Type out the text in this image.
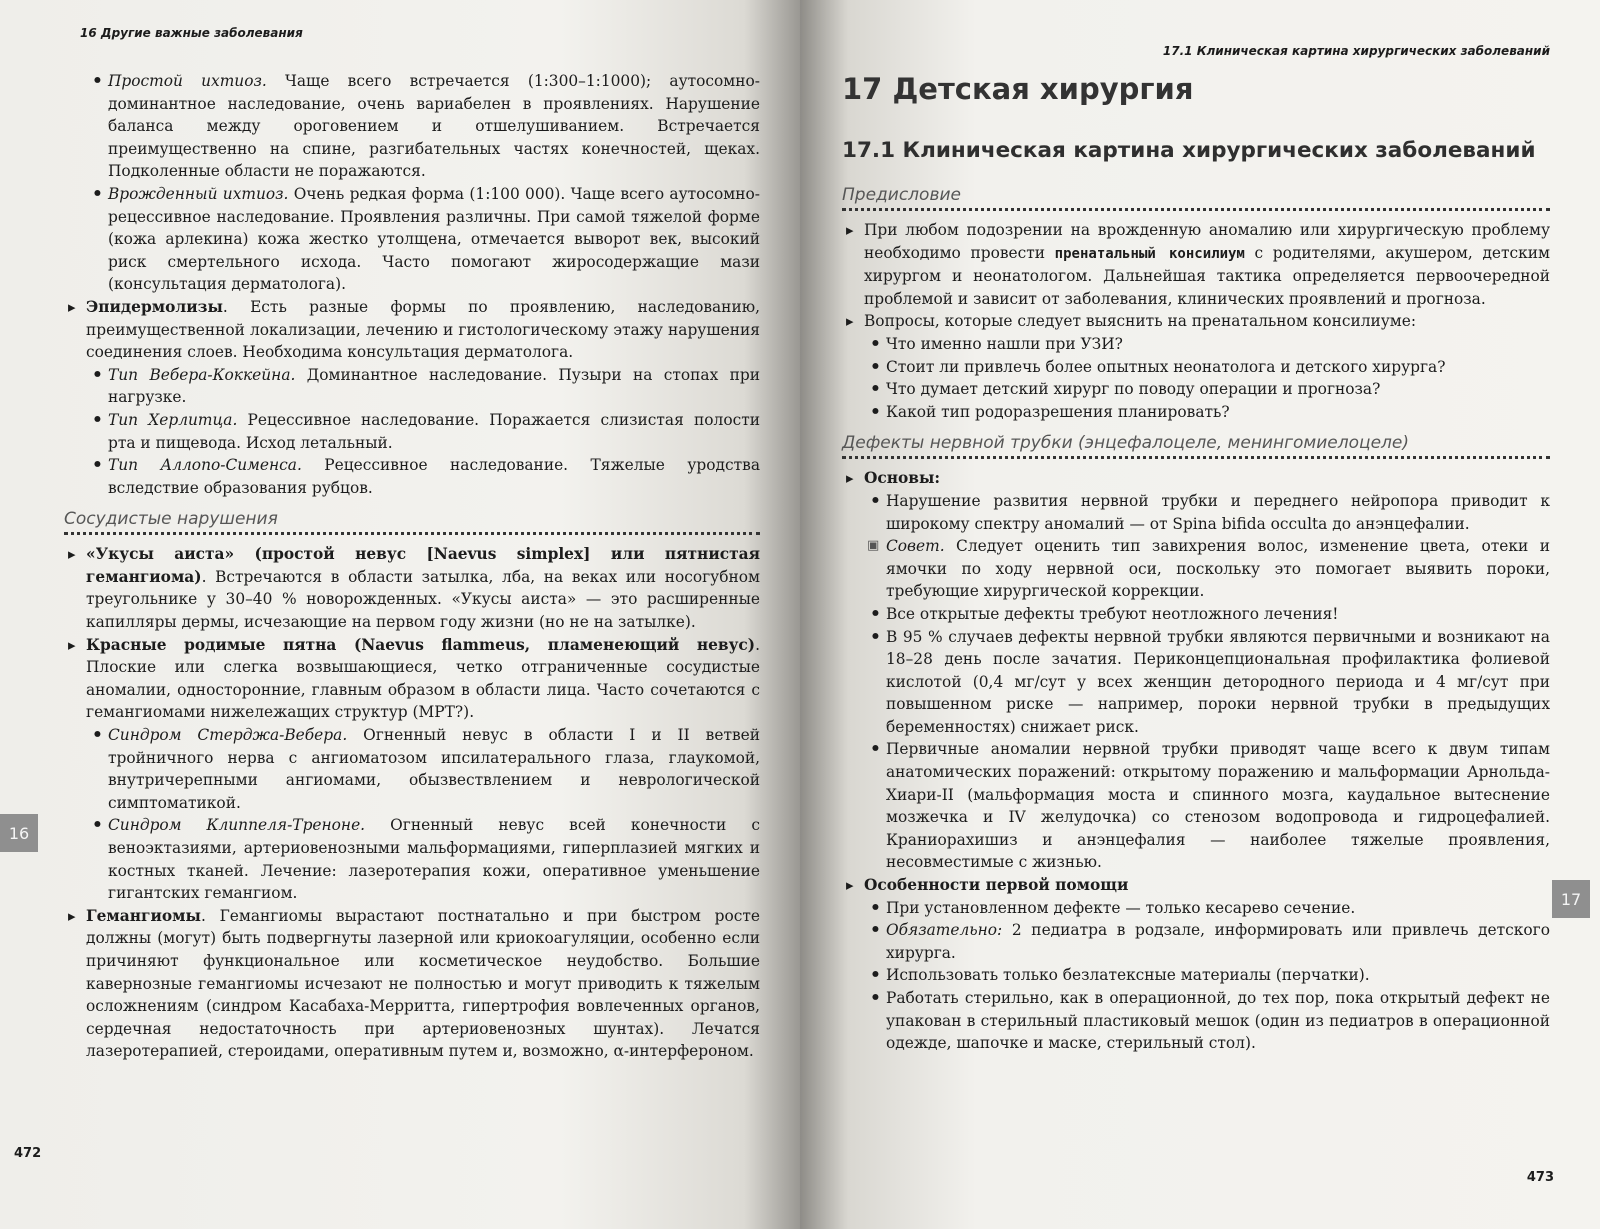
16 Другие важные заболевания
• Простой ихтиоз. Чаще всего встречается (1:300–1:1000); аутосомно-доминантное наследование, очень вариабелен в проявлениях. Нарушение баланса между ороговением и отшелушиванием. Встречается преимущественно на спине, разгибательных частях конечностей, щеках. Подколенные области не поражаются.
• Врожденный ихтиоз. Очень редкая форма (1:100 000). Чаще всего аутосомно-рецессивное наследование. Проявления различны. При самой тяжелой форме (кожа арлекина) кожа жестко утолщена, отмечается выворот век, высокий риск смертельного исхода. Часто помогают жиросодержащие мази (консультация дерматолога).
▸ Эпидермолизы. Есть разные формы по проявлению, наследованию, преимущественной локализации, лечению и гистологическому этажу нарушения соединения слоев. Необходима консультация дерматолога.
• Тип Вебера-Коккейна. Доминантное наследование. Пузыри на стопах при нагрузке.
• Тип Херлитца. Рецессивное наследование. Поражается слизистая полости рта и пищевода. Исход летальный.
• Тип Аллопо-Сименса. Рецессивное наследование. Тяжелые уродства вследствие образования рубцов.
Сосудистые нарушения
▸ «Укусы аиста» (простой невус [Naevus simplex] или пятнистая гемангиома). Встречаются в области затылка, лба, на веках или носогубном треугольнике у 30–40 % новорожденных. «Укусы аиста» — это расширенные капилляры дермы, исчезающие на первом году жизни (но не на затылке).
▸ Красные родимые пятна (Naevus flammeus, пламенеющий невус). Плоские или слегка возвышающиеся, четко отграниченные сосудистые аномалии, односторонние, главным образом в области лица. Часто сочетаются с гемангиомами нижележащих структур (МРТ?).
• Синдром Стерджа-Вебера. Огненный невус в области I и II ветвей тройничного нерва с ангиоматозом ипсилатерального глаза, глаукомой, внутричерепными ангиомами, обызвествлением и неврологической симптоматикой.
• Синдром Клиппеля-Треноне. Огненный невус всей конечности с веноэктазиями, артериовенозными мальформациями, гиперплазией мягких и костных тканей. Лечение: лазеротерапия кожи, оперативное уменьшение гигантских гемангиом.
▸ Гемангиомы. Гемангиомы вырастают постнатально и при быстром росте должны (могут) быть подвергнуты лазерной или криокоагуляции, особенно если причиняют функциональное или косметическое неудобство. Большие кавернозные гемангиомы исчезают не полностью и могут приводить к тяжелым осложнениям (синдром Касабаха-Мерритта, гипертрофия вовлеченных органов, сердечная недостаточность при артериовенозных шунтах). Лечатся лазеротерапией, стероидами, оперативным путем и, возможно, α-интерфероном.
16
472
17.1 Клиническая картина хирургических заболеваний
17 Детская хирургия
17.1 Клиническая картина хирургических заболеваний
Предисловие
▸ При любом подозрении на врожденную аномалию или хирургическую проблему необходимо провести пренатальный консилиум с родителями, акушером, детским хирургом и неонатологом. Дальнейшая тактика определяется первоочередной проблемой и зависит от заболевания, клинических проявлений и прогноза.
▸ Вопросы, которые следует выяснить на пренатальном консилиуме:
• Что именно нашли при УЗИ?
• Стоит ли привлечь более опытных неонатолога и детского хирурга?
• Что думает детский хирург по поводу операции и прогноза?
• Какой тип родоразрешения планировать?
Дефекты нервной трубки (энцефалоцеле, менингомиелоцеле)
▸ Основы:
• Нарушение развития нервной трубки и переднего нейропора приводит к широкому спектру аномалий — от Spina bifida occulta до анэнцефалии.
▣ Совет. Следует оценить тип завихрения волос, изменение цвета, отеки и ямочки по ходу нервной оси, поскольку это помогает выявить пороки, требующие хирургической коррекции.
• Все открытые дефекты требуют неотложного лечения!
• В 95 % случаев дефекты нервной трубки являются первичными и возникают на 18–28 день после зачатия. Периконцепциональная профилактика фолиевой кислотой (0,4 мг/сут у всех женщин детородного периода и 4 мг/сут при повышенном риске — например, пороки нервной трубки в предыдущих беременностях) снижает риск.
• Первичные аномалии нервной трубки приводят чаще всего к двум типам анатомических поражений: открытому поражению и мальформации Арнольда-Хиари-II (мальформация моста и спинного мозга, каудальное вытеснение мозжечка и IV желудочка) со стенозом водопровода и гидроцефалией. Краниорахишиз и анэнцефалия — наиболее тяжелые проявления, несовместимые с жизнью.
▸ Особенности первой помощи
• При установленном дефекте — только кесарево сечение.
• Обязательно: 2 педиатра в родзале, информировать или привлечь детского хирурга.
• Использовать только безлатексные материалы (перчатки).
• Работать стерильно, как в операционной, до тех пор, пока открытый дефект не упакован в стерильный пластиковый мешок (один из педиатров в операционной одежде, шапочке и маске, стерильный стол).
17
473
